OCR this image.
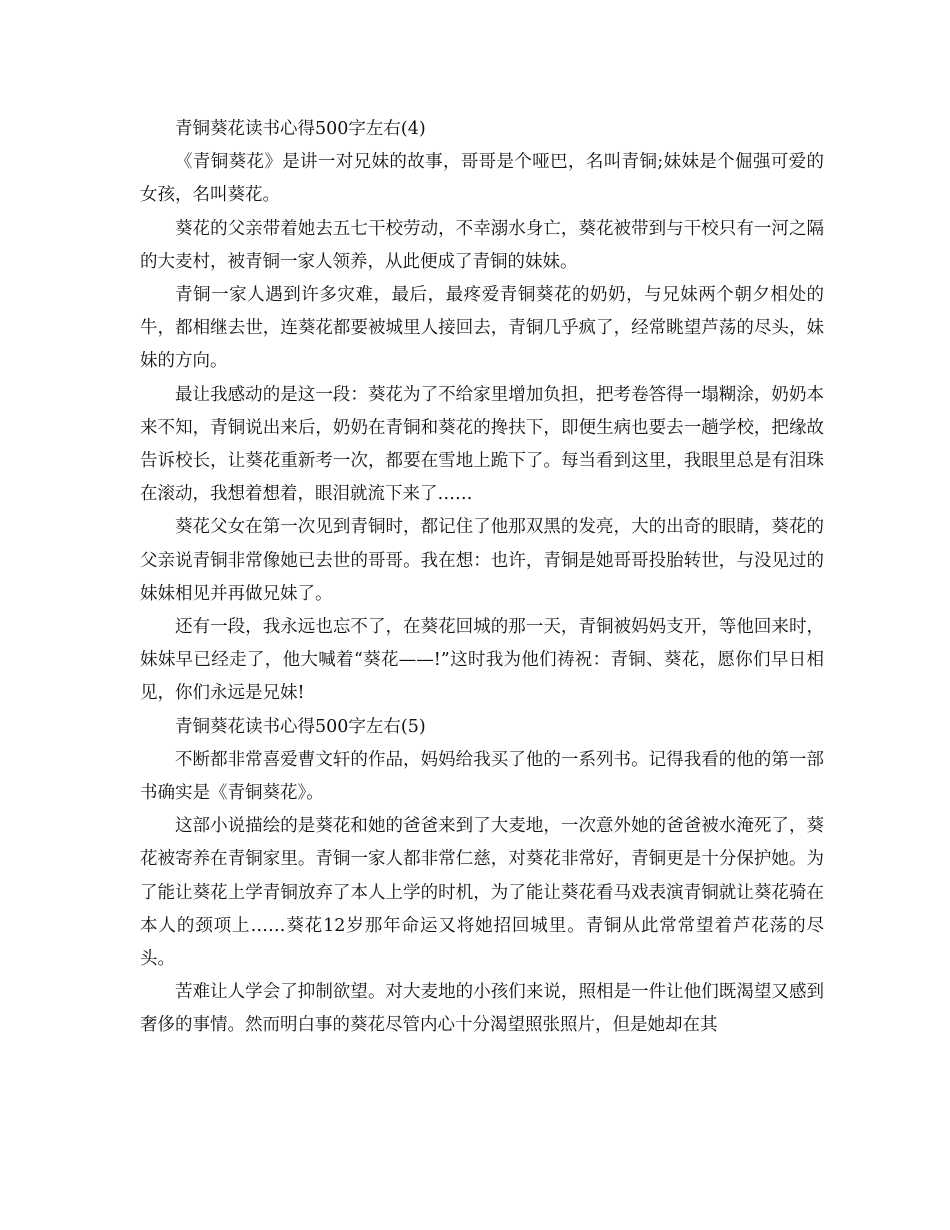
青铜葵花读书心得500字左右(4)

《青铜葵花》是讲一对兄妹的故事，哥哥是个哑巴，名叫青铜;妹妹是个倔强可爱的女孩，名叫葵花。

葵花的父亲带着她去五七干校劳动，不幸溺水身亡，葵花被带到与干校只有一河之隔的大麦村，被青铜一家人领养，从此便成了青铜的妹妹。

青铜一家人遇到许多灾难，最后，最疼爱青铜葵花的奶奶，与兄妹两个朝夕相处的牛，都相继去世，连葵花都要被城里人接回去，青铜几乎疯了，经常眺望芦荡的尽头，妹妹的方向。

最让我感动的是这一段：葵花为了不给家里增加负担，把考卷答得一塌糊涂，奶奶本来不知，青铜说出来后，奶奶在青铜和葵花的搀扶下，即便生病也要去一趟学校，把缘故告诉校长，让葵花重新考一次，都要在雪地上跪下了。每当看到这里，我眼里总是有泪珠在滚动，我想着想着，眼泪就流下来了……

葵花父女在第一次见到青铜时，都记住了他那双黑的发亮，大的出奇的眼睛，葵花的父亲说青铜非常像她已去世的哥哥。我在想：也许，青铜是她哥哥投胎转世，与没见过的妹妹相见并再做兄妹了。

还有一段，我永远也忘不了，在葵花回城的那一天，青铜被妈妈支开，等他回来时，妹妹早已经走了，他大喊着“葵花——!”这时我为他们祷祝：青铜、葵花，愿你们早日相见，你们永远是兄妹!

青铜葵花读书心得500字左右(5)

不断都非常喜爱曹文轩的作品，妈妈给我买了他的一系列书。记得我看的他的第一部书确实是《青铜葵花》。

这部小说描绘的是葵花和她的爸爸来到了大麦地，一次意外她的爸爸被水淹死了，葵花被寄养在青铜家里。青铜一家人都非常仁慈，对葵花非常好，青铜更是十分保护她。为了能让葵花上学青铜放弃了本人上学的时机，为了能让葵花看马戏表演青铜就让葵花骑在本人的颈项上……葵花12岁那年命运又将她招回城里。青铜从此常常望着芦花荡的尽头。

苦难让人学会了抑制欲望。对大麦地的小孩们来说，照相是一件让他们既渴望又感到奢侈的事情。然而明白事的葵花尽管内心十分渴望照张照片，但是她却在其
